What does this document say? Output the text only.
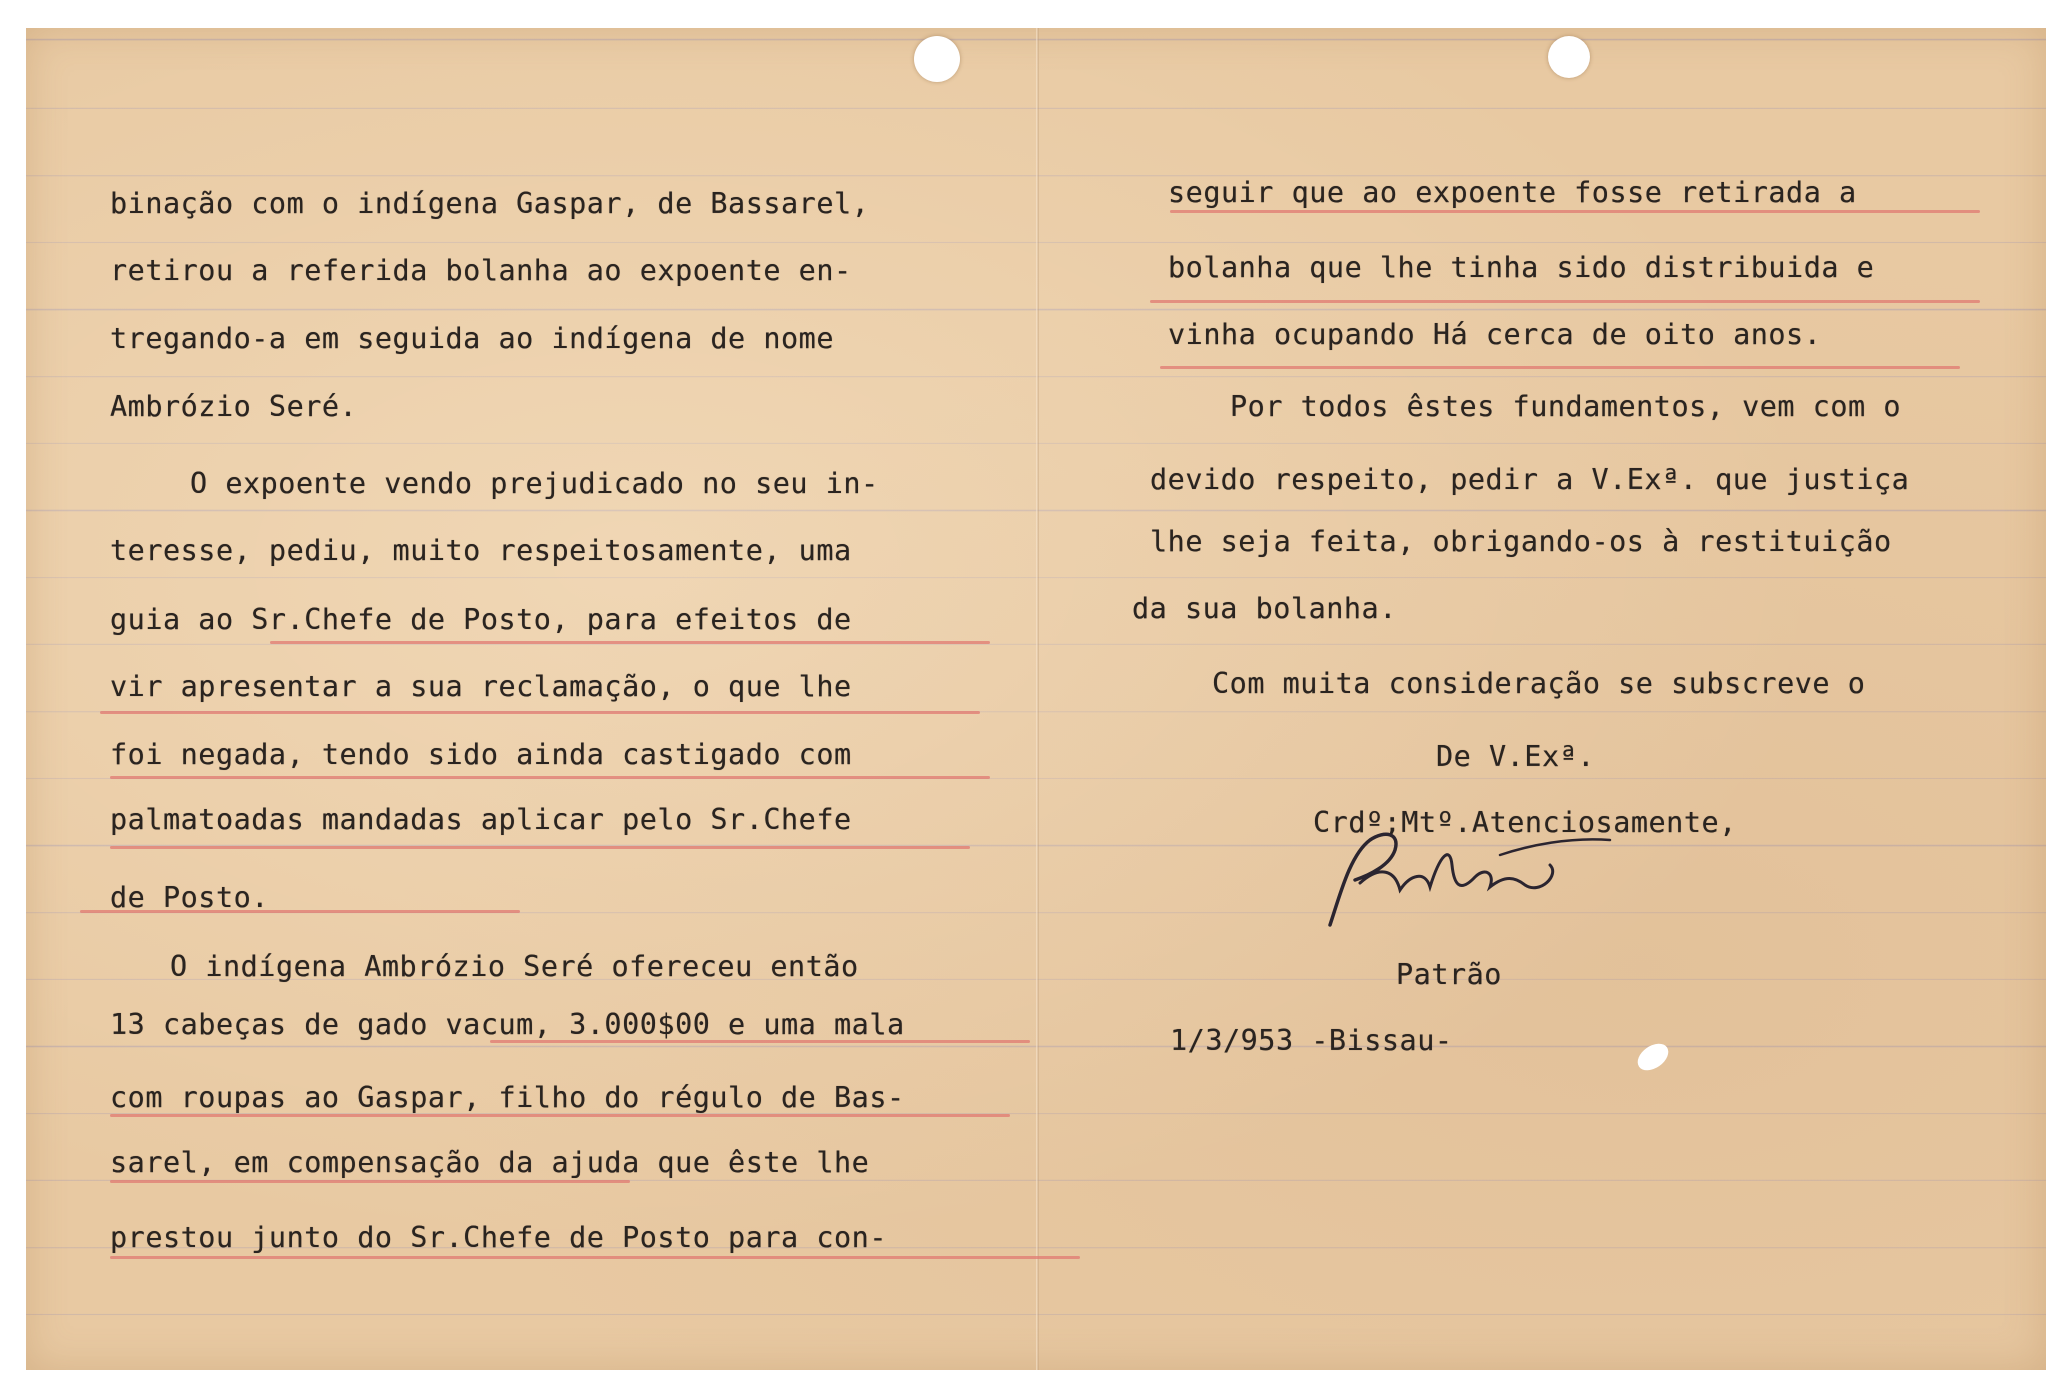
binação com o indígena Gaspar, de Bassarel,
retirou a referida bolanha ao expoente en-
tregando-a em seguida ao indígena de nome
Ambrózio Seré.
O expoente vendo prejudicado no seu in-
teresse, pediu, muito respeitosamente, uma
guia ao Sr.Chefe de Posto, para efeitos de
vir apresentar a sua reclamação, o que lhe
foi negada, tendo sido ainda castigado com
palmatoadas mandadas aplicar pelo Sr.Chefe
de Posto.
O indígena Ambrózio Seré ofereceu então
13 cabeças de gado vacum, 3.000$00 e uma mala
com roupas ao Gaspar, filho do régulo de Bas-
sarel, em compensação da ajuda que êste lhe
prestou junto do Sr.Chefe de Posto para con-
seguir que ao expoente fosse retirada a
bolanha que lhe tinha sido distribuida e
vinha ocupando Há cerca de oito anos.
Por todos êstes fundamentos, vem com o
devido respeito, pedir a V.Exª. que justiça
lhe seja feita, obrigando-os à restituição
da sua bolanha.
Com muita consideração se subscreve o
De V.Exª.
Crdº;Mtº.Atenciosamente,
Patrão
1/3/953 -Bissau-
